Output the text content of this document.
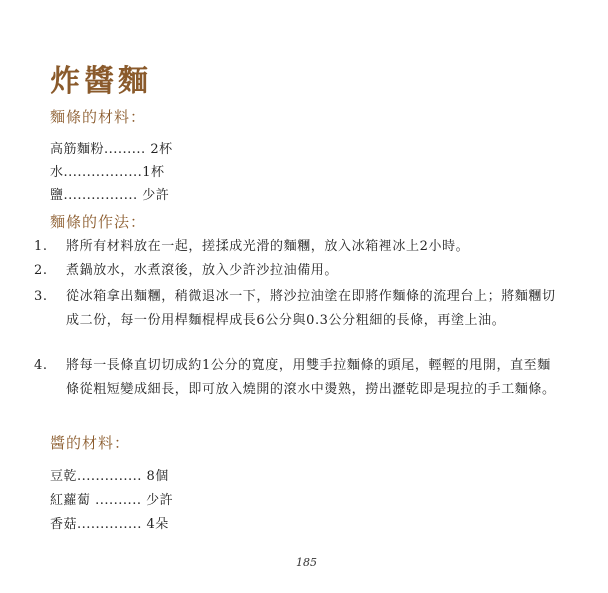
炸醬麵
麵條的材料：
高筋麵粉......... 2杯
水.................1杯
鹽................ 少許
麵條的作法：
1. 將所有材料放在一起，搓揉成光滑的麵糰，放入冰箱裡冰上2小時。
2. 煮鍋放水，水煮滾後，放入少許沙拉油備用。
3. 從冰箱拿出麵糰，稍微退冰一下，將沙拉油塗在即將作麵條的流理台上；將麵糰切成二份，每一份用桿麵棍桿成長6公分與0.3公分粗細的長條，再塗上油。
4. 將每一長條直切切成約1公分的寬度，用雙手拉麵條的頭尾，輕輕的甩開，直至麵條從粗短變成細長，即可放入燒開的滾水中燙熟，撈出瀝乾即是現拉的手工麵條。
醬的材料：
豆乾.............. 8個
紅蘿蔔 .......... 少許
香菇.............. 4朵
185
